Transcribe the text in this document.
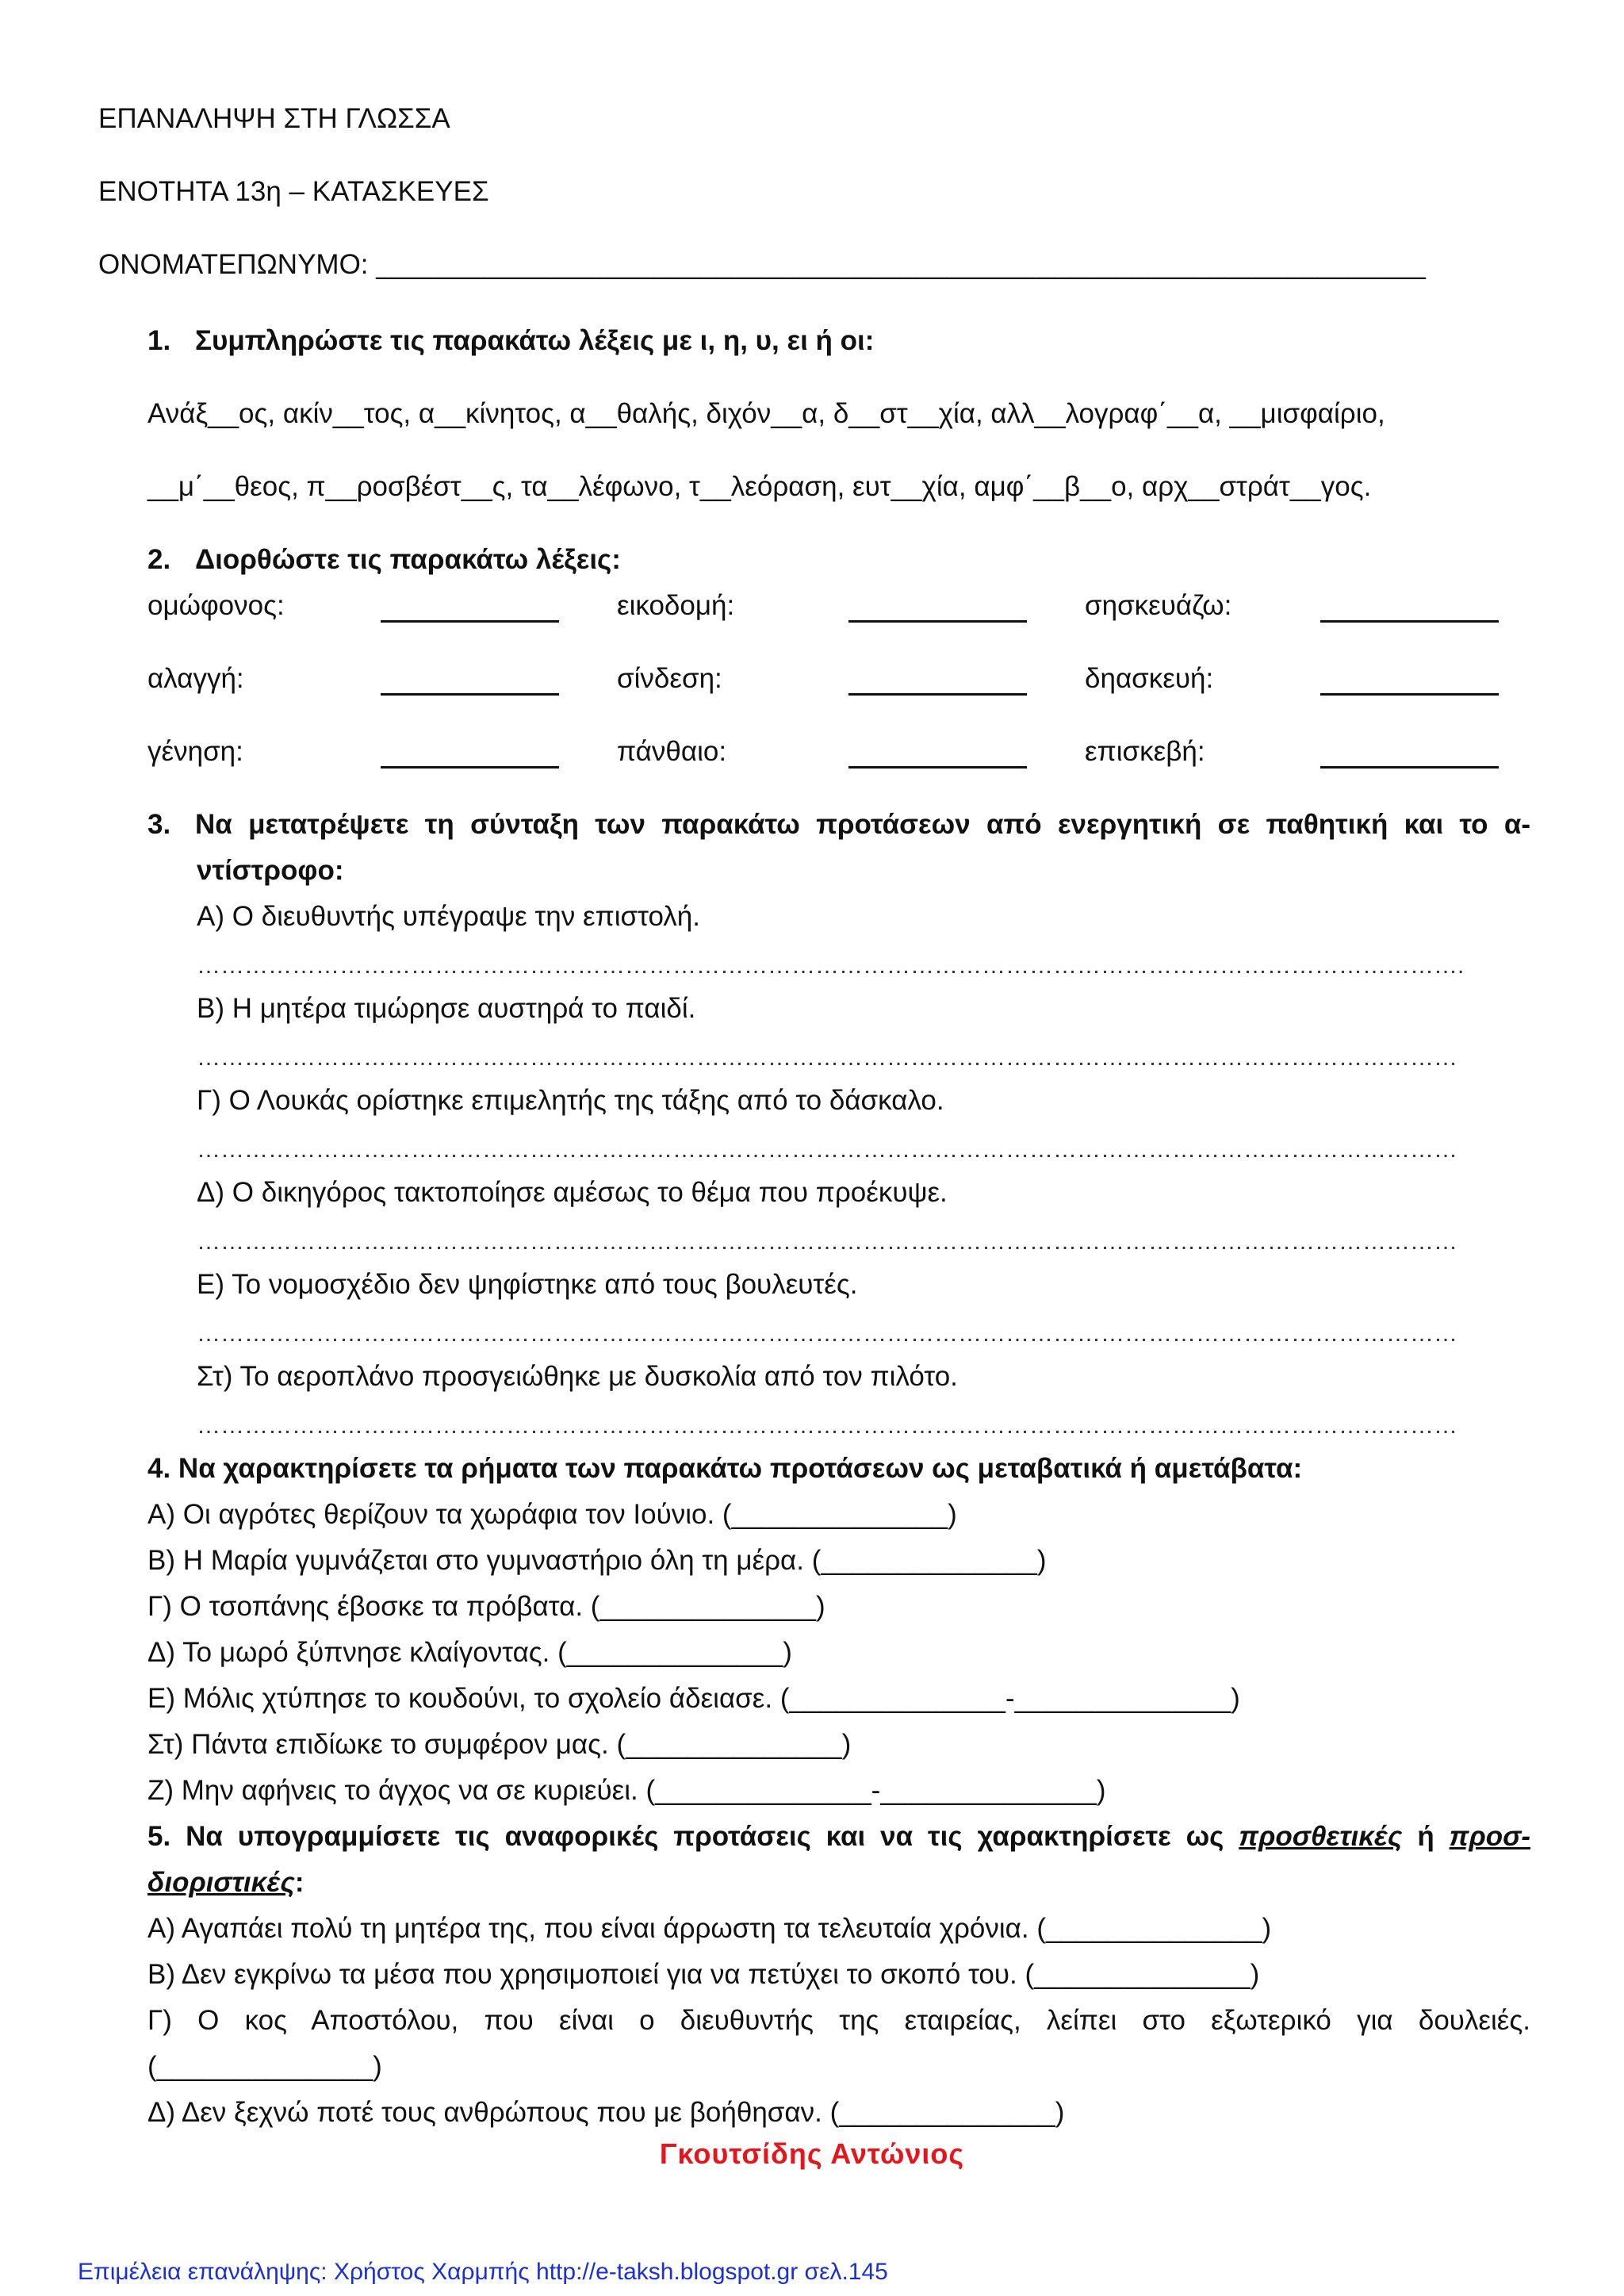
ΕΠΑΝΑΛΗΨΗ ΣΤΗ ΓΛΩΣΣΑ
ΕΝΟΤΗΤΑ 13η – ΚΑΤΑΣΚΕΥΕΣ
ΟΝΟΜΑΤΕΠΩΝΥΜΟ: ____________________________________________________________________
1. Συμπληρώστε τις παρακάτω λέξεις με ι, η, υ, ει ή οι:
Ανάξ__ος, ακίν__τος, α__κίνητος, α__θαλής, διχόν__α, δ__στ__χία, αλλ__λογραφ΄__α, __μισφαίριο,
__μ΄__θεος, π__ροσβέστ__ς, τα__λέφωνο, τ__λεόραση, ευτ__χία, αμφ΄__β__ο, αρχ__στράτ__γος.
2. Διορθώστε τις παρακάτω λέξεις:
ομώφονος:	εικοδομή:	σησκευάζω:
αλαγγή:	σίνδεση:	δηασκευή:
γένηση:	πάνθαιο:	επισκεβή:
3. Να μετατρέψετε τη σύνταξη των παρακάτω προτάσεων από ενεργητική σε παθητική και το α-
ντίστροφο:
Α) Ο διευθυντής υπέγραψε την επιστολή.
…………………………………………………………………………………………………………………………………………….
Β) Η μητέρα τιμώρησε αυστηρά το παιδί.
……………………………………………………………………………………………………………………………………………
Γ) Ο Λουκάς ορίστηκε επιμελητής της τάξης από το δάσκαλο.
……………………………………………………………………………………………………………………………………………
Δ) Ο δικηγόρος τακτοποίησε αμέσως το θέμα που προέκυψε.
……………………………………………………………………………………………………………………………………………
Ε) Το νομοσχέδιο δεν ψηφίστηκε από τους βουλευτές.
……………………………………………………………………………………………………………………………………………
Στ) Το αεροπλάνο προσγειώθηκε με δυσκολία από τον πιλότο.
……………………………………………………………………………………………………………………………………………
4. Να χαρακτηρίσετε τα ρήματα των παρακάτω προτάσεων ως μεταβατικά ή αμετάβατα:
Α) Οι αγρότες θερίζουν τα χωράφια τον Ιούνιο. (______________)
Β) Η Μαρία γυμνάζεται στο γυμναστήριο όλη τη μέρα. (______________)
Γ) Ο τσοπάνης έβοσκε τα πρόβατα. (______________)
Δ) Το μωρό ξύπνησε κλαίγοντας. (______________)
Ε) Μόλις χτύπησε το κουδούνι, το σχολείο άδειασε. (______________-______________)
Στ) Πάντα επιδίωκε το συμφέρον μας. (______________)
Ζ) Μην αφήνεις το άγχος να σε κυριεύει. (______________-______________)
5. Να υπογραμμίσετε τις αναφορικές προτάσεις και να τις χαρακτηρίσετε ως προσθετικές ή προσ-
διοριστικές:
Α) Αγαπάει πολύ τη μητέρα της, που είναι άρρωστη τα τελευταία χρόνια. (______________)
Β) Δεν εγκρίνω τα μέσα που χρησιμοποιεί για να πετύχει το σκοπό του. (______________)
Γ) Ο κος Αποστόλου, που είναι ο διευθυντής της εταιρείας, λείπει στο εξωτερικό για δουλειές.
(______________)
Δ) Δεν ξεχνώ ποτέ τους ανθρώπους που με βοήθησαν. (______________)
Γκουτσίδης Αντώνιος
Επιμέλεια επανάληψης: Χρήστος Χαρμπής http://e-taksh.blogspot.gr σελ.145
